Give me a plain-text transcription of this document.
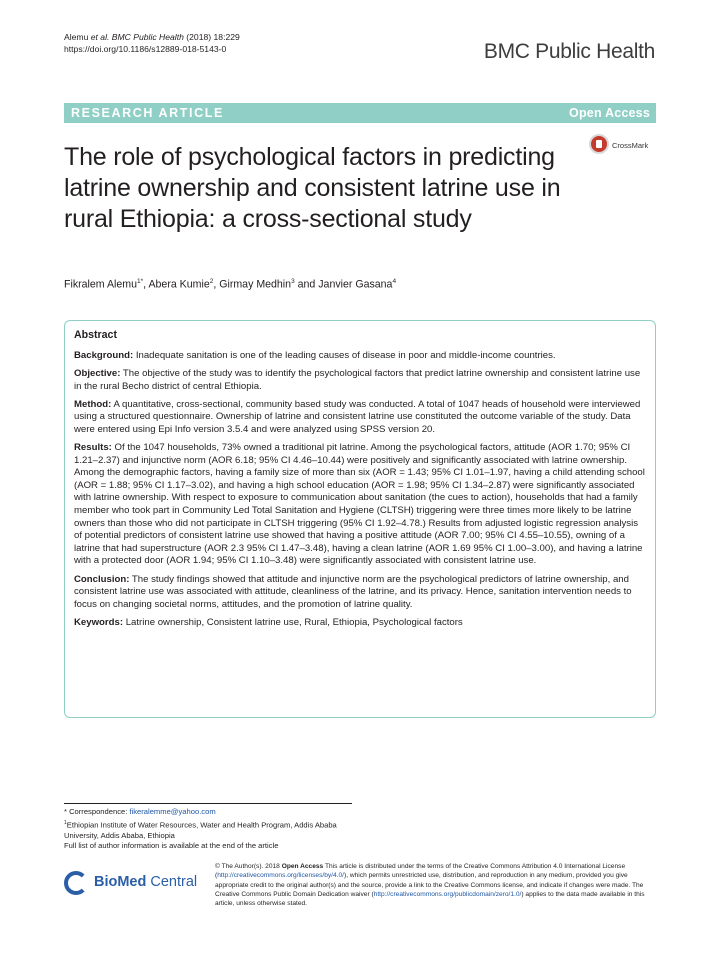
Alemu et al. BMC Public Health (2018) 18:229
https://doi.org/10.1186/s12889-018-5143-0	BMC Public Health
RESEARCH ARTICLE	Open Access
The role of psychological factors in predicting latrine ownership and consistent latrine use in rural Ethiopia: a cross-sectional study
CrossMark
Fikralem Alemu$^{1*}$, Abera Kumie$^2$, Girmay Medhin$^3$ and Janvier Gasana$^4$
Abstract

Background: Inadequate sanitation is one of the leading causes of disease in poor and middle-income countries.

Objective: The objective of the study was to identify the psychological factors that predict latrine ownership and consistent latrine use in the rural Becho district of central Ethiopia.

Method: A quantitative, cross-sectional, community based study was conducted. A total of 1047 heads of household were interviewed using a structured questionnaire. Ownership of latrine and consistent latrine use constituted the outcome variable of the study. Data were entered using Epi Info version 3.5.4 and were analyzed using SPSS version 20.

Results: Of the 1047 households, 73% owned a traditional pit latrine. Among the psychological factors, attitude (AOR 1.70; 95% CI 1.21–2.37) and injunctive norm (AOR 6.18; 95% CI 4.46–10.44) were positively and significantly associated with latrine ownership. Among the demographic factors, having a family size of more than six (AOR = 1.43; 95% CI 1.01–1.97, having a child attending school (AOR = 1.88; 95% CI 1.17–3.02), and having a high school education (AOR = 1.98; 95% CI 1.34–2.87) were significantly associated with latrine ownership. With respect to exposure to communication about sanitation (the cues to action), households that had a family member who took part in Community Led Total Sanitation and Hygiene (CLTSH) triggering were three times more likely to be latrine owners than those who did not participate in CLTSH triggering (95% CI 1.92–4.78.) Results from adjusted logistic regression analysis of potential predictors of consistent latrine use showed that having a positive attitude (AOR 7.00; 95% CI 4.55–10.55), owning of a latrine that had superstructure (AOR 2.3 95% CI 1.47–3.48), having a clean latrine (AOR 1.69 95% CI 1.00–3.00), and having a latrine with a protected door (AOR 1.94; 95% CI 1.10–3.48) were significantly associated with consistent latrine use.

Conclusion: The study findings showed that attitude and injunctive norm are the psychological predictors of latrine ownership, and consistent latrine use was associated with attitude, cleanliness of the latrine, and its privacy. Hence, sanitation intervention needs to focus on changing societal norms, attitudes, and the promotion of latrine quality.

Keywords: Latrine ownership, Consistent latrine use, Rural, Ethiopia, Psychological factors

* Correspondence: fikeralemme@yahoo.com
$^1$Ethiopian Institute of Water Resources, Water and Health Program, Addis Ababa University, Addis Ababa, Ethiopia
Full list of author information is available at the end of the article
BioMed Central
© The Author(s). 2018 Open Access This article is distributed under the terms of the Creative Commons Attribution 4.0 International License (http://creativecommons.org/licenses/by/4.0/), which permits unrestricted use, distribution, and reproduction in any medium, provided you give appropriate credit to the original author(s) and the source, provide a link to the Creative Commons license, and indicate if changes were made. The Creative Commons Public Domain Dedication waiver (http://creativecommons.org/publicdomain/zero/1.0/) applies to the data made available in this article, unless otherwise stated.
